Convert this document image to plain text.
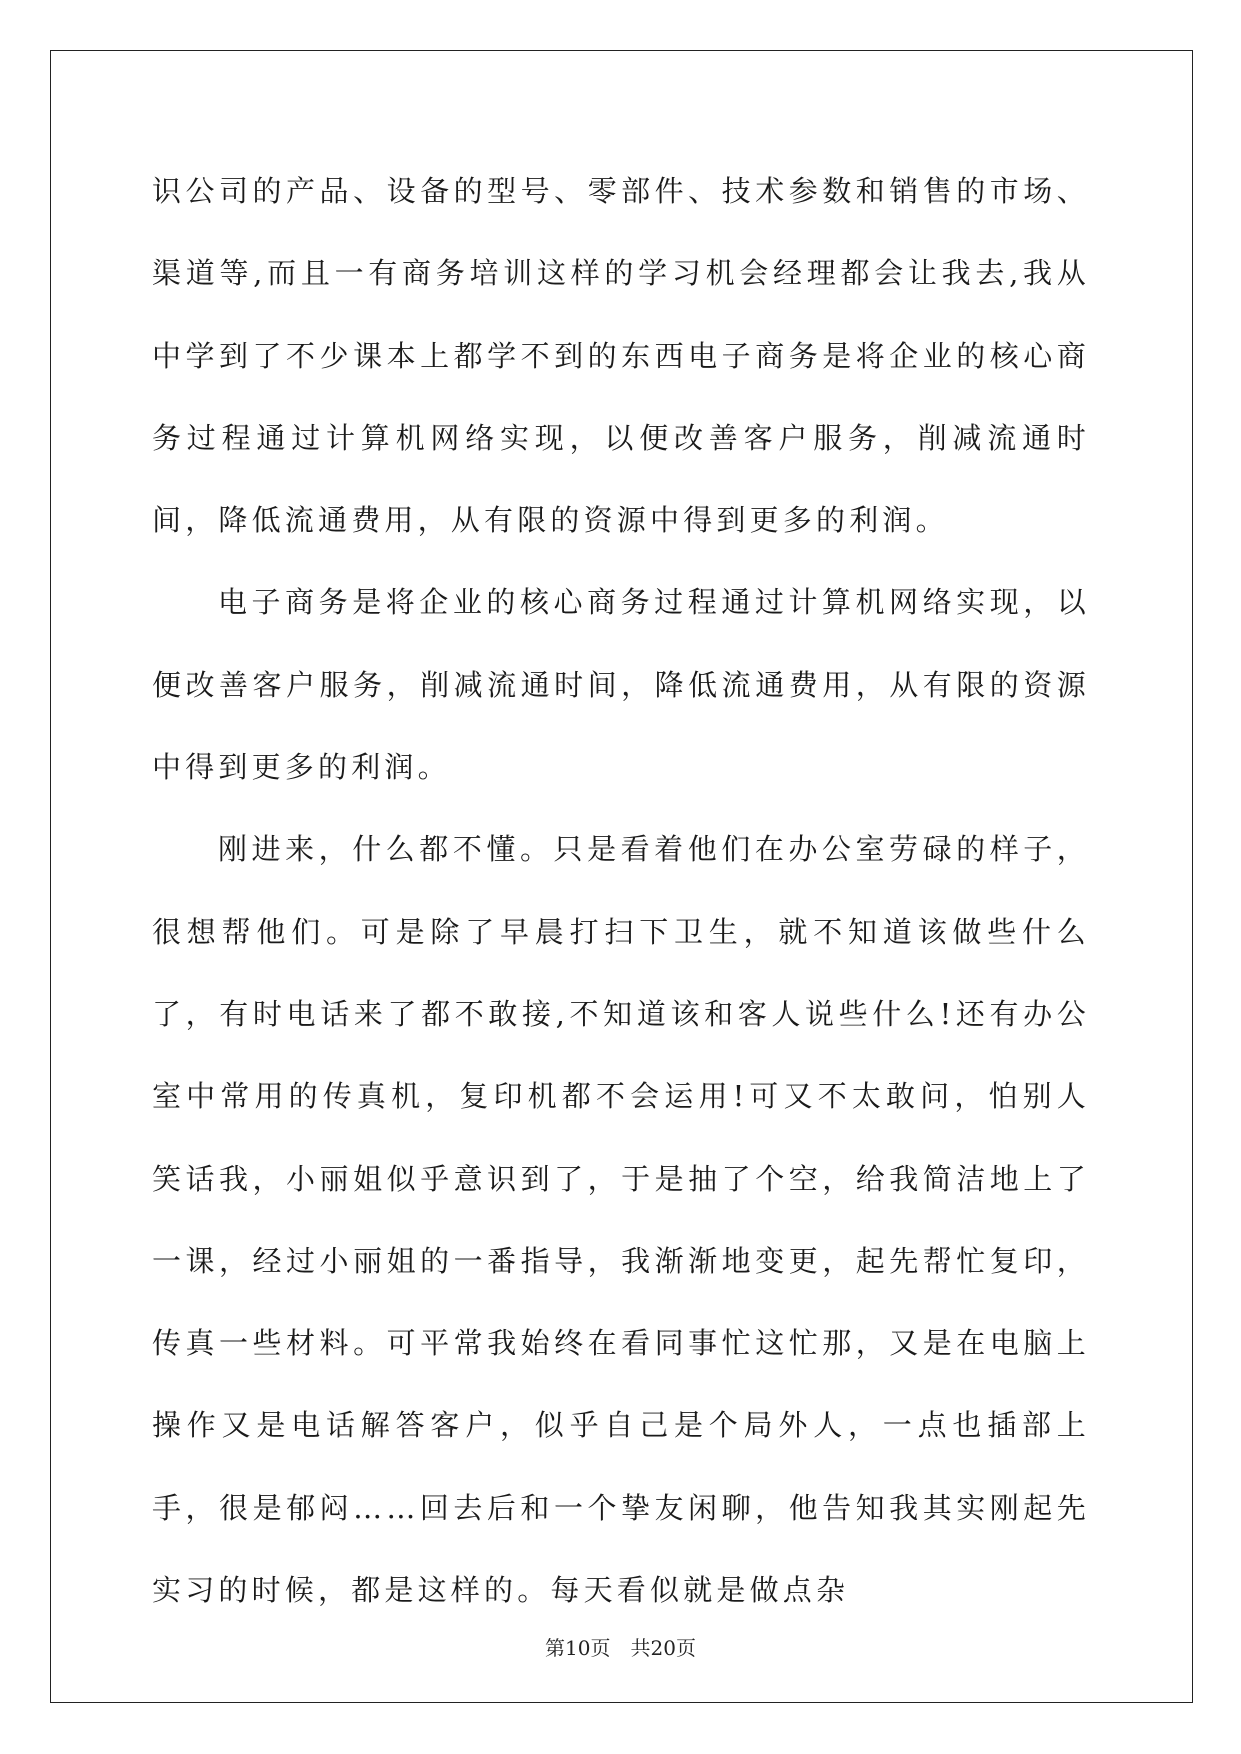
识公司的产品、设备的型号、零部件、技术参数和销售的市场、渠道等,而且一有商务培训这样的学习机会经理都会让我去,我从中学到了不少课本上都学不到的东西电子商务是将企业的核心商务过程通过计算机网络实现，以便改善客户服务，削减流通时间，降低流通费用，从有限的资源中得到更多的利润。

电子商务是将企业的核心商务过程通过计算机网络实现，以便改善客户服务，削减流通时间，降低流通费用，从有限的资源中得到更多的利润。

刚进来，什么都不懂。只是看着他们在办公室劳碌的样子，很想帮他们。可是除了早晨打扫下卫生，就不知道该做些什么了，有时电话来了都不敢接,不知道该和客人说些什么!还有办公室中常用的传真机，复印机都不会运用!可又不太敢问，怕别人笑话我，小丽姐似乎意识到了，于是抽了个空，给我简洁地上了一课，经过小丽姐的一番指导，我渐渐地变更，起先帮忙复印，传真一些材料。可平常我始终在看同事忙这忙那，又是在电脑上操作又是电话解答客户，似乎自己是个局外人，一点也插部上手，很是郁闷……回去后和一个挚友闲聊，他告知我其实刚起先实习的时候，都是这样的。每天看似就是做点杂

第10页　共20页
